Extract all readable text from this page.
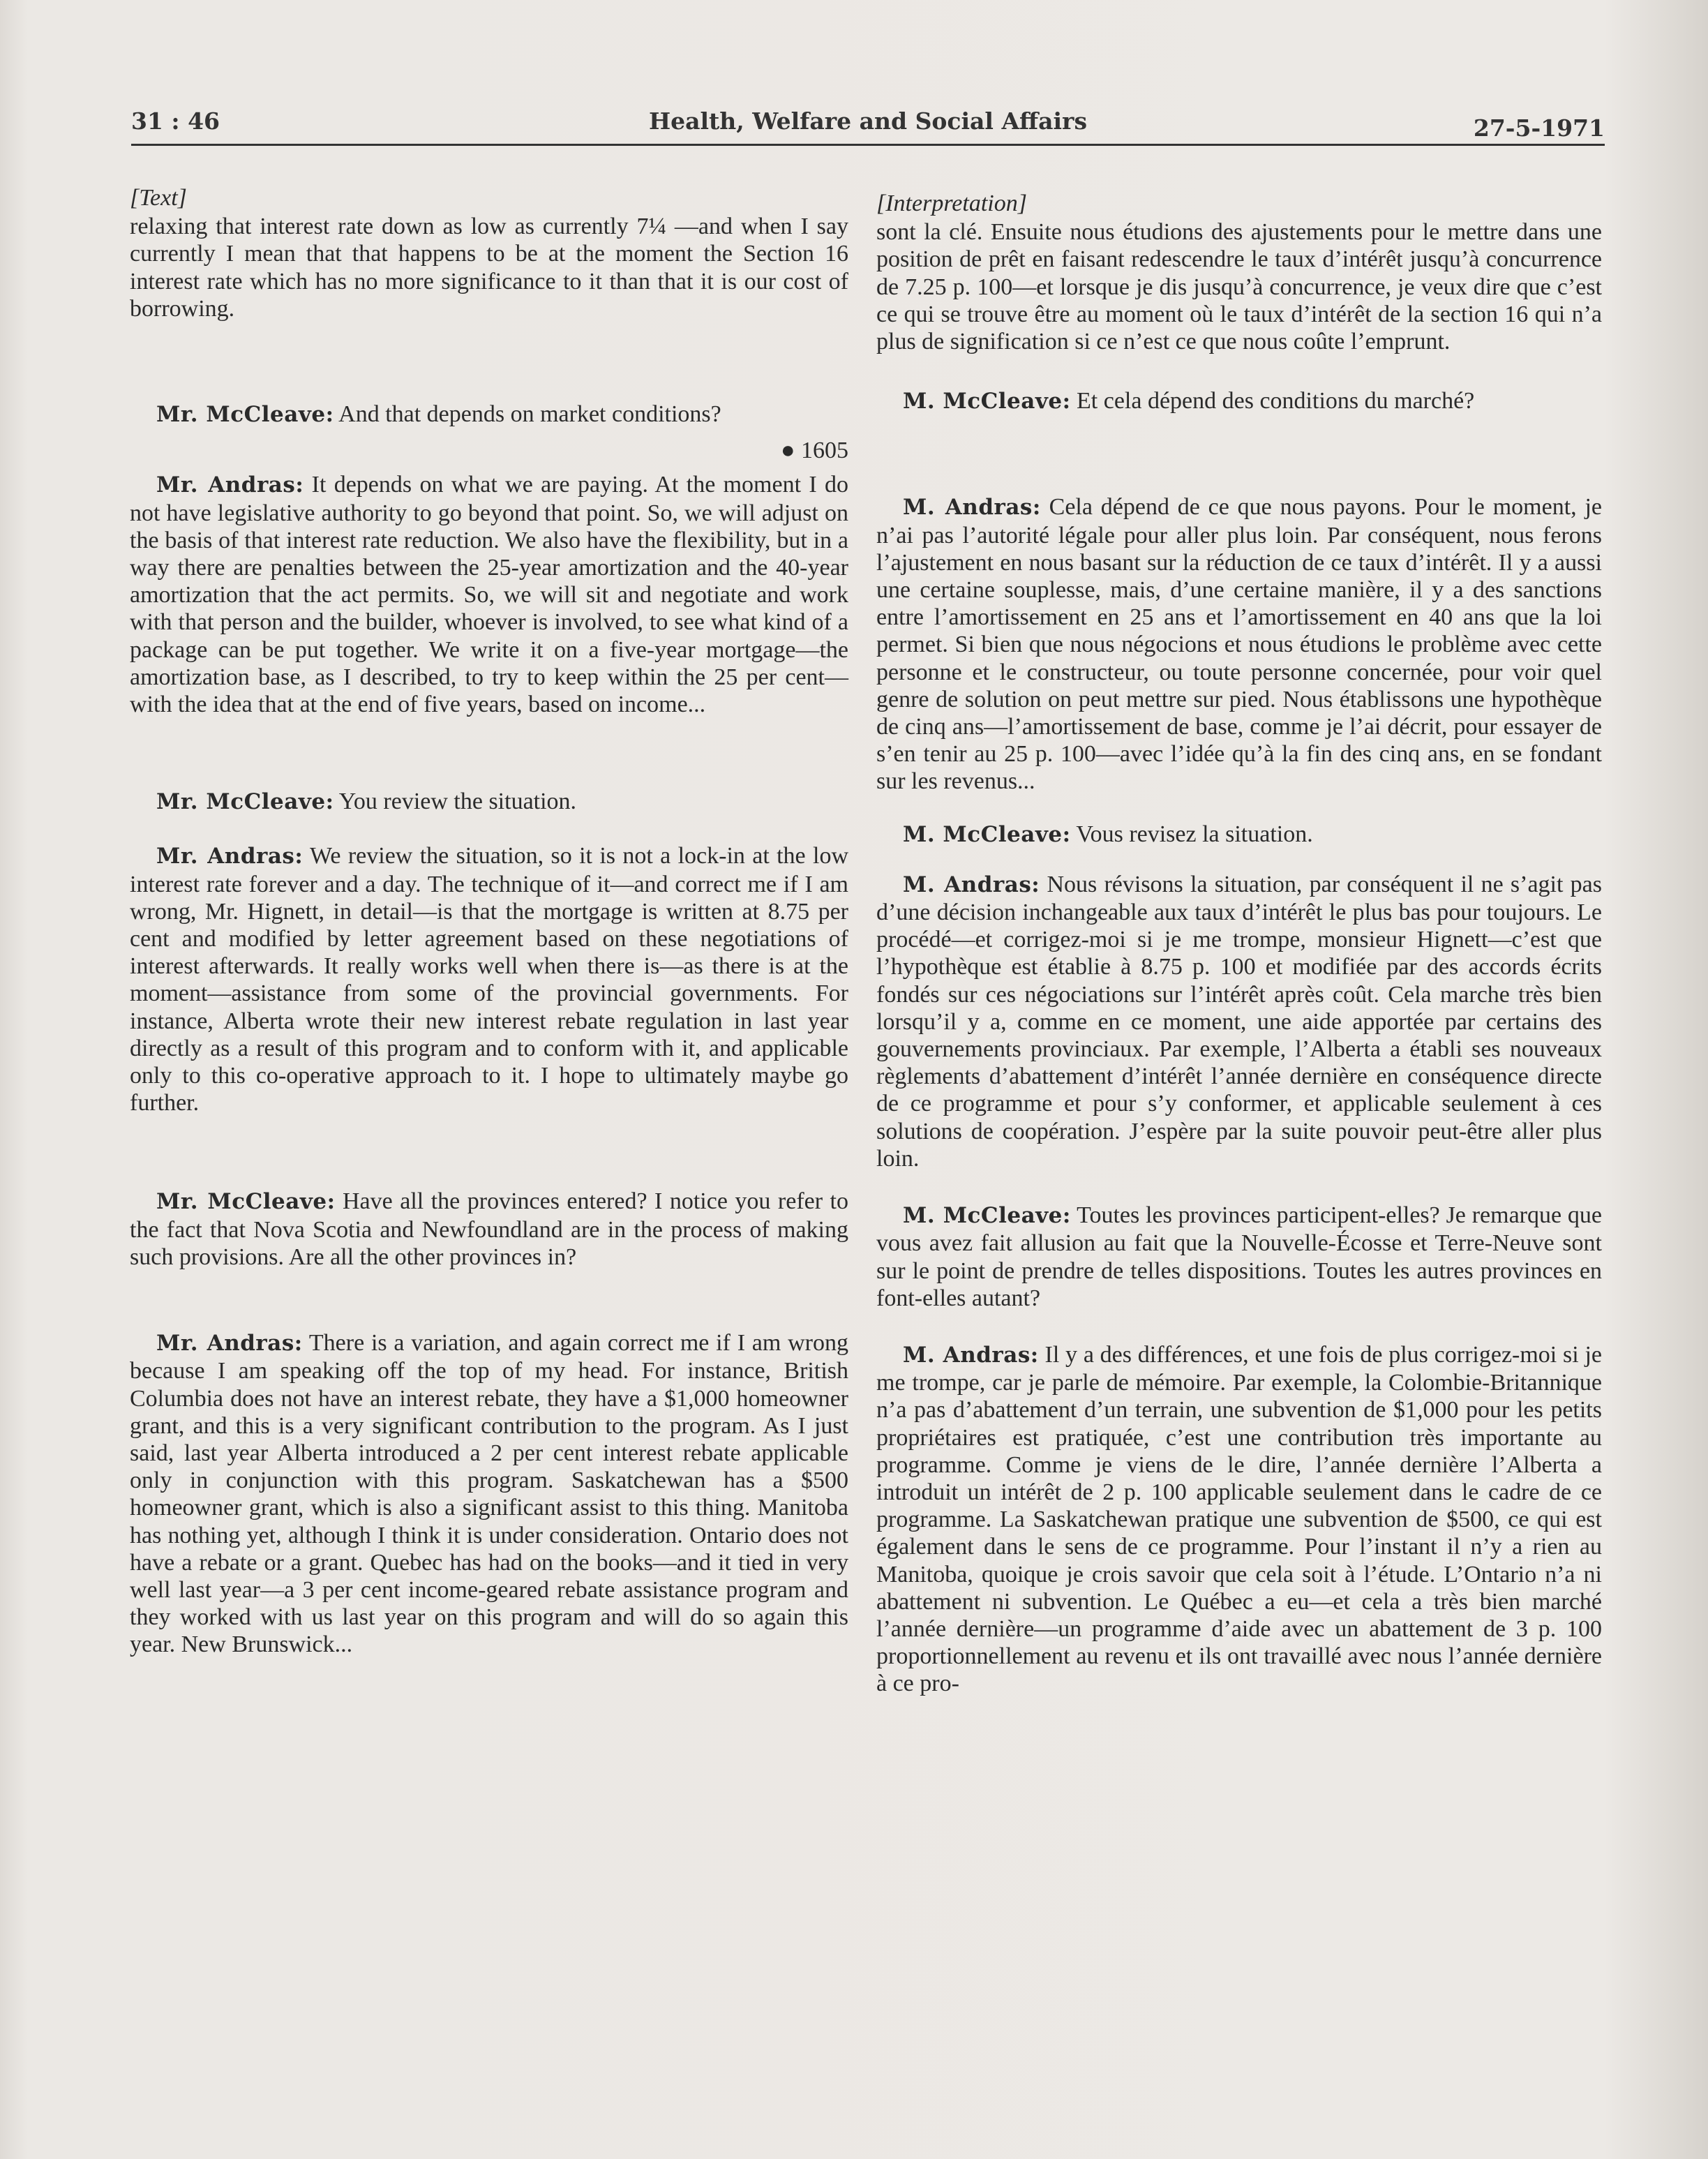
31 : 46	Health, Welfare and Social Affairs	27-5-1971
[Text]

relaxing that interest rate down as low as currently 7¼ —and when I say currently I mean that that happens to be at the moment the Section 16 interest rate which has no more significance to it than that it is our cost of borrowing.

Mr. McCleave: And that depends on market conditions?

● 1605

Mr. Andras: It depends on what we are paying. At the moment I do not have legislative authority to go beyond that point. So, we will adjust on the basis of that interest rate reduction. We also have the flexibility, but in a way there are penalties between the 25-year amortization and the 40-year amortization that the act permits. So, we will sit and negotiate and work with that person and the builder, whoever is involved, to see what kind of a package can be put together. We write it on a five-year mortgage—the amortization base, as I described, to try to keep within the 25 per cent—with the idea that at the end of five years, based on income...

Mr. McCleave: You review the situation.

Mr. Andras: We review the situation, so it is not a lock-in at the low interest rate forever and a day. The technique of it—and correct me if I am wrong, Mr. Hignett, in detail—is that the mortgage is written at 8.75 per cent and modified by letter agreement based on these negotiations of interest afterwards. It really works well when there is—as there is at the moment—assistance from some of the provincial governments. For instance, Alberta wrote their new interest rebate regulation in last year directly as a result of this program and to conform with it, and applicable only to this co-operative approach to it. I hope to ultimately maybe go further.

Mr. McCleave: Have all the provinces entered? I notice you refer to the fact that Nova Scotia and Newfoundland are in the process of making such provisions. Are all the other provinces in?

Mr. Andras: There is a variation, and again correct me if I am wrong because I am speaking off the top of my head. For instance, British Columbia does not have an interest rebate, they have a $1,000 homeowner grant, and this is a very significant contribution to the program. As I just said, last year Alberta introduced a 2 per cent interest rebate applicable only in conjunction with this program. Saskatchewan has a $500 homeowner grant, which is also a significant assist to this thing. Manitoba has nothing yet, although I think it is under consideration. Ontario does not have a rebate or a grant. Quebec has had on the books—and it tied in very well last year—a 3 per cent income-geared rebate assistance program and they worked with us last year on this program and will do so again this year. New Brunswick...

[Interpretation]

sont la clé. Ensuite nous étudions des ajustements pour le mettre dans une position de prêt en faisant redescendre le taux d’intérêt jusqu’à concurrence de 7.25 p. 100—et lorsque je dis jusqu’à concurrence, je veux dire que c’est ce qui se trouve être au moment où le taux d’intérêt de la section 16 qui n’a plus de signification si ce n’est ce que nous coûte l’emprunt.

M. McCleave: Et cela dépend des conditions du marché?

M. Andras: Cela dépend de ce que nous payons. Pour le moment, je n’ai pas l’autorité légale pour aller plus loin. Par conséquent, nous ferons l’ajustement en nous basant sur la réduction de ce taux d’intérêt. Il y a aussi une certaine souplesse, mais, d’une certaine manière, il y a des sanctions entre l’amortissement en 25 ans et l’amortissement en 40 ans que la loi permet. Si bien que nous négocions et nous étudions le problème avec cette personne et le constructeur, ou toute personne concernée, pour voir quel genre de solution on peut mettre sur pied. Nous établissons une hypothèque de cinq ans—l’amortissement de base, comme je l’ai décrit, pour essayer de s’en tenir au 25 p. 100—avec l’idée qu’à la fin des cinq ans, en se fondant sur les revenus...

M. McCleave: Vous revisez la situation.

M. Andras: Nous révisons la situation, par conséquent il ne s’agit pas d’une décision inchangeable aux taux d’intérêt le plus bas pour toujours. Le procédé—et corrigez-moi si je me trompe, monsieur Hignett—c’est que l’hypothèque est établie à 8.75 p. 100 et modifiée par des accords écrits fondés sur ces négociations sur l’intérêt après coût. Cela marche très bien lorsqu’il y a, comme en ce moment, une aide apportée par certains des gouvernements provinciaux. Par exemple, l’Alberta a établi ses nouveaux règlements d’abattement d’intérêt l’année dernière en conséquence directe de ce programme et pour s’y conformer, et applicable seulement à ces solutions de coopération. J’espère par la suite pouvoir peut-être aller plus loin.

M. McCleave: Toutes les provinces participent-elles? Je remarque que vous avez fait allusion au fait que la Nouvelle-Écosse et Terre-Neuve sont sur le point de prendre de telles dispositions. Toutes les autres provinces en font-elles autant?

M. Andras: Il y a des différences, et une fois de plus corrigez-moi si je me trompe, car je parle de mémoire. Par exemple, la Colombie-Britannique n’a pas d’abattement d’un terrain, une subvention de $1,000 pour les petits propriétaires est pratiquée, c’est une contribution très importante au programme. Comme je viens de le dire, l’année dernière l’Alberta a introduit un intérêt de 2 p. 100 applicable seulement dans le cadre de ce programme. La Saskatchewan pratique une subvention de $500, ce qui est également dans le sens de ce programme. Pour l’instant il n’y a rien au Manitoba, quoique je crois savoir que cela soit à l’étude. L’Ontario n’a ni abattement ni subvention. Le Québec a eu—et cela a très bien marché l’année dernière—un programme d’aide avec un abattement de 3 p. 100 proportionnellement au revenu et ils ont travaillé avec nous l’année dernière à ce pro-
